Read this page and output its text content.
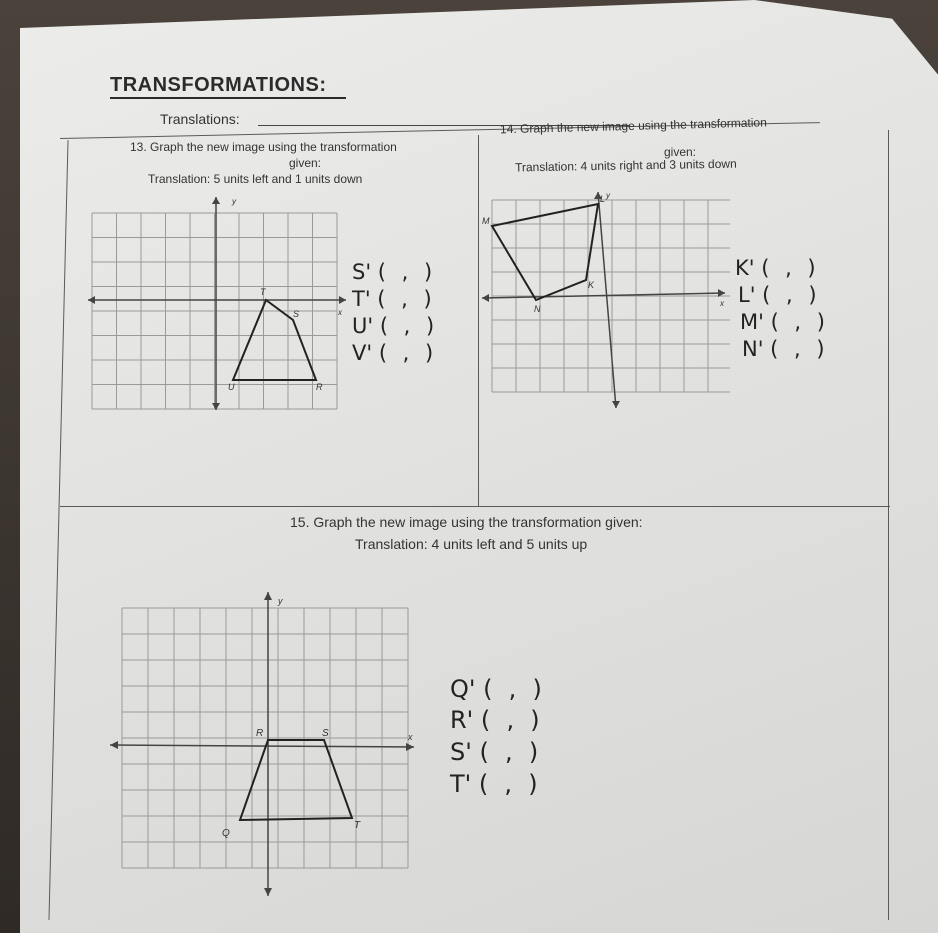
TRANSFORMATIONS:
Translations:
13. Graph the new image using the transformation
given:
Translation: 5 units left and 1 units down
14. Graph the new image using the transformation
given:
Translation: 4 units right and 3 units down
T
S
U	R
y
x
S' ( , )
T' ( , )
U' ( , )
V' ( , )
M
L
K
N
y
x
K' ( , )
L' ( , )
M' ( , )
N' ( , )
15. Graph the new image using the transformation given:
Translation: 4 units left and 5 units up
R	S
Q
T
y
x
Q' ( , )
R' ( , )
S' ( , )
T' ( , )
